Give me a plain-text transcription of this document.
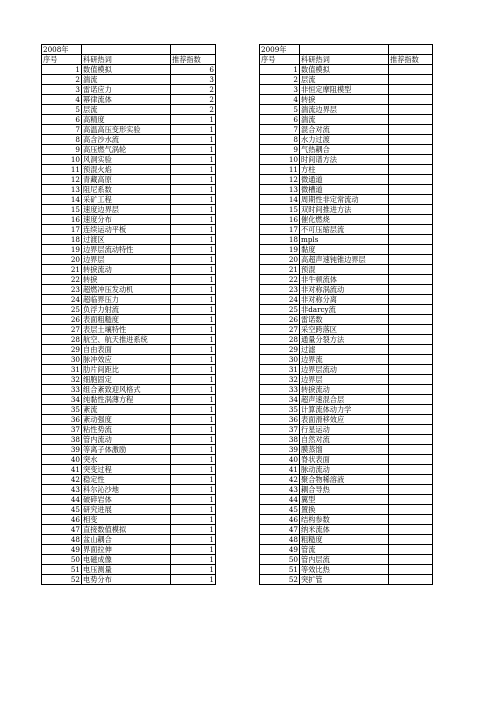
2008年				2009年		
序号	科研热词	推荐指数		序号	科研热词	推荐指数
1	数值模拟	6		1	数值模拟	
2	湍流	3		2	层流	
3	雷诺应力	2		3	非恒定摩阻模型	
4	幂律流体	2		4	转捩	
5	层流	2		5	湍流边界层	
6	高精度	1		6	湍流	
7	高温高压变形实验	1		7	混合对流	
8	高含沙水流	1		8	水力过渡	
9	高压燃气涡轮	1		9	气热耦合	
10	风洞实验	1		10	时间谱方法	
11	预混火焰	1		11	方柱	
12	青藏高原	1		12	微通道	
13	阻尼系数	1		13	微槽道	
14	采矿工程	1		14	周期性非定常流动	
15	速度边界层	1		15	双时间推进方法	
16	速度分布	1		16	催化燃烧	
17	连续运动平板	1		17	不可压缩层流	
18	过渡区	1		18	mpls	
19	边界层流动特性	1		19	黏度	
20	边界层	1		20	高超声速钝锥边界层	
21	转捩流动	1		21	预混	
22	转捩	1		22	非牛顿流体	
23	超燃冲压发动机	1		23	非对称涡流动	
24	超临界压力	1		24	非对称分离	
25	负浮力射流	1		25	非darcy流	
26	表面粗糙度	1		26	雷诺数	
27	表层土壤特性	1		27	采空跨落区	
28	航空、航天推进系统	1		28	通量分裂方法	
29	自由表面	1		29	过滤	
30	脉冲效应	1		30	边界流	
31	肋片间距比	1		31	边界层流动	
32	细胞固定	1		32	边界层	
33	组合紊致迎风格式	1		33	转捩流动	
34	纯黏性涡薄方程	1		34	超声速混合层	
35	紊流	1		35	计算流体动力学	
36	紊动强度	1		36	表面滑移效应	
37	粘性势流	1		37	行星运动	
38	管内流动	1		38	自然对流	
39	等离子体激励	1		39	膜蒸馏	
40	突水	1		40	脊状表面	
41	突变过程	1		41	脉动流动	
42	稳定性	1		42	聚合物稀溶液	
43	科尔沁沙地	1		43	耦合导热	
44	破碎岩体	1		44	翼型	
45	研究进展	1		45	置换	
46	相变	1		46	结构参数	
47	直接数值模拟	1		47	纳米流体	
48	盆山耦合	1		48	粗糙度	
49	界面拉伸	1		49	管流	
50	电磁成像	1		50	管内层流	
51	电压测量	1		51	等效比热	
52	电势分布	1		52	突扩管	
